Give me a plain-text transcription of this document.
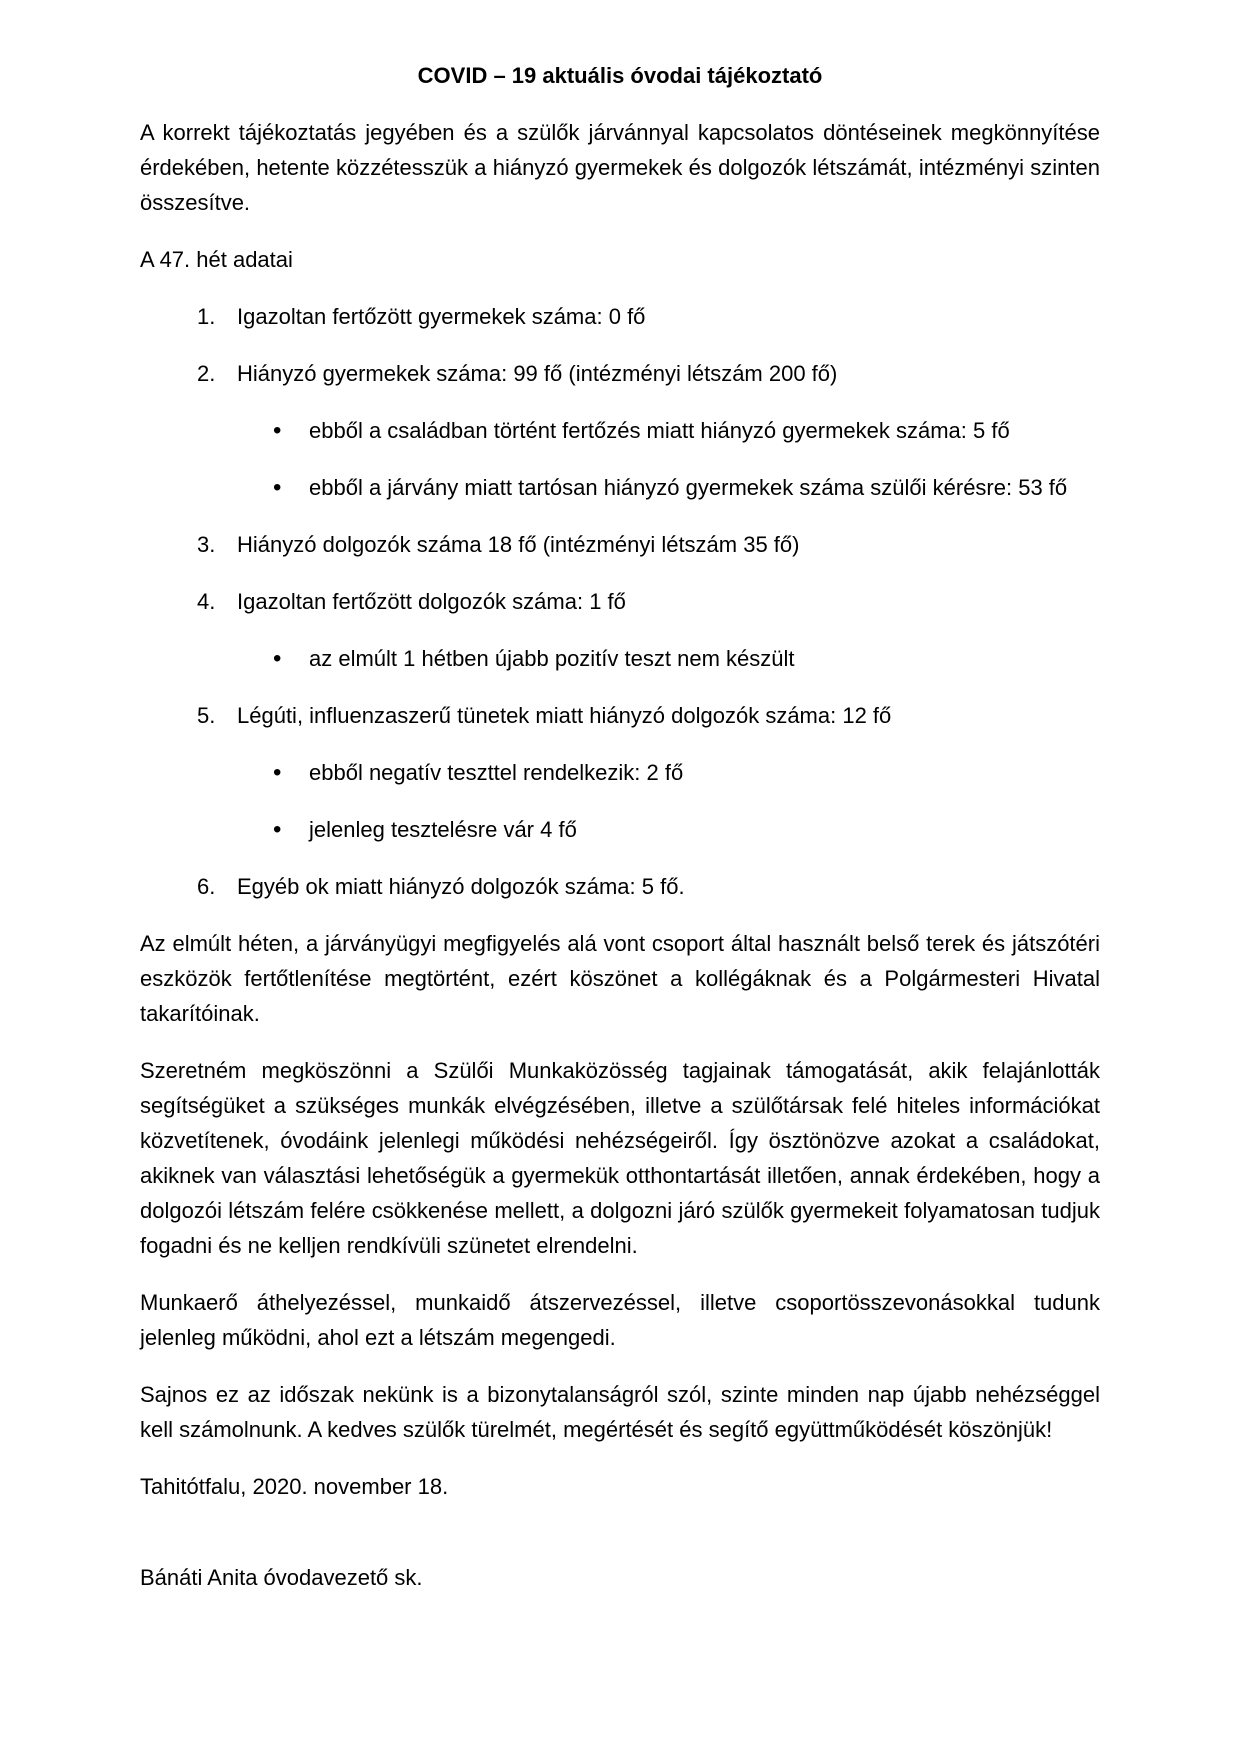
COVID – 19 aktuális óvodai tájékoztató

A korrekt tájékoztatás jegyében és a szülők járvánnyal kapcsolatos döntéseinek megkönnyítése érdekében, hetente közzétesszük a hiányzó gyermekek és dolgozók létszámát, intézményi szinten összesítve.

A 47. hét adatai

1. Igazoltan fertőzött gyermekek száma: 0 fő
2. Hiányzó gyermekek száma: 99 fő (intézményi létszám 200 fő)
•	ebből a családban történt fertőzés miatt hiányzó gyermekek száma: 5 fő
•	ebből a járvány miatt tartósan hiányzó gyermekek száma szülői kérésre: 53 fő
3. Hiányzó dolgozók száma 18 fő (intézményi létszám 35 fő)
4. Igazoltan fertőzött dolgozók száma: 1 fő
•	az elmúlt 1 hétben újabb pozitív teszt nem készült
5. Légúti, influenzaszerű tünetek miatt hiányzó dolgozók száma: 12 fő
•	ebből negatív teszttel rendelkezik: 2 fő
•	jelenleg tesztelésre vár 4 fő
6. Egyéb ok miatt hiányzó dolgozók száma: 5 fő.

Az elmúlt héten, a járványügyi megfigyelés alá vont csoport által használt belső terek és játszótéri eszközök fertőtlenítése megtörtént, ezért köszönet a kollégáknak és a Polgármesteri Hivatal takarítóinak.

Szeretném megköszönni a Szülői Munkaközösség tagjainak támogatását, akik felajánlották segítségüket a szükséges munkák elvégzésében, illetve a szülőtársak felé hiteles információkat közvetítenek, óvodáink jelenlegi működési nehézségeiről. Így ösztönözve azokat a családokat, akiknek van választási lehetőségük a gyermekük otthontartását illetően, annak érdekében, hogy a dolgozói létszám felére csökkenése mellett, a dolgozni járó szülők gyermekeit folyamatosan tudjuk fogadni és ne kelljen rendkívüli szünetet elrendelni.

Munkaerő áthelyezéssel, munkaidő átszervezéssel, illetve csoportösszevonásokkal tudunk jelenleg működni, ahol ezt a létszám megengedi.

Sajnos ez az időszak nekünk is a bizonytalanságról szól, szinte minden nap újabb nehézséggel kell számolnunk. A kedves szülők türelmét, megértését és segítő együttműködését köszönjük!

Tahitótfalu, 2020. november 18.

Bánáti Anita óvodavezető sk.
